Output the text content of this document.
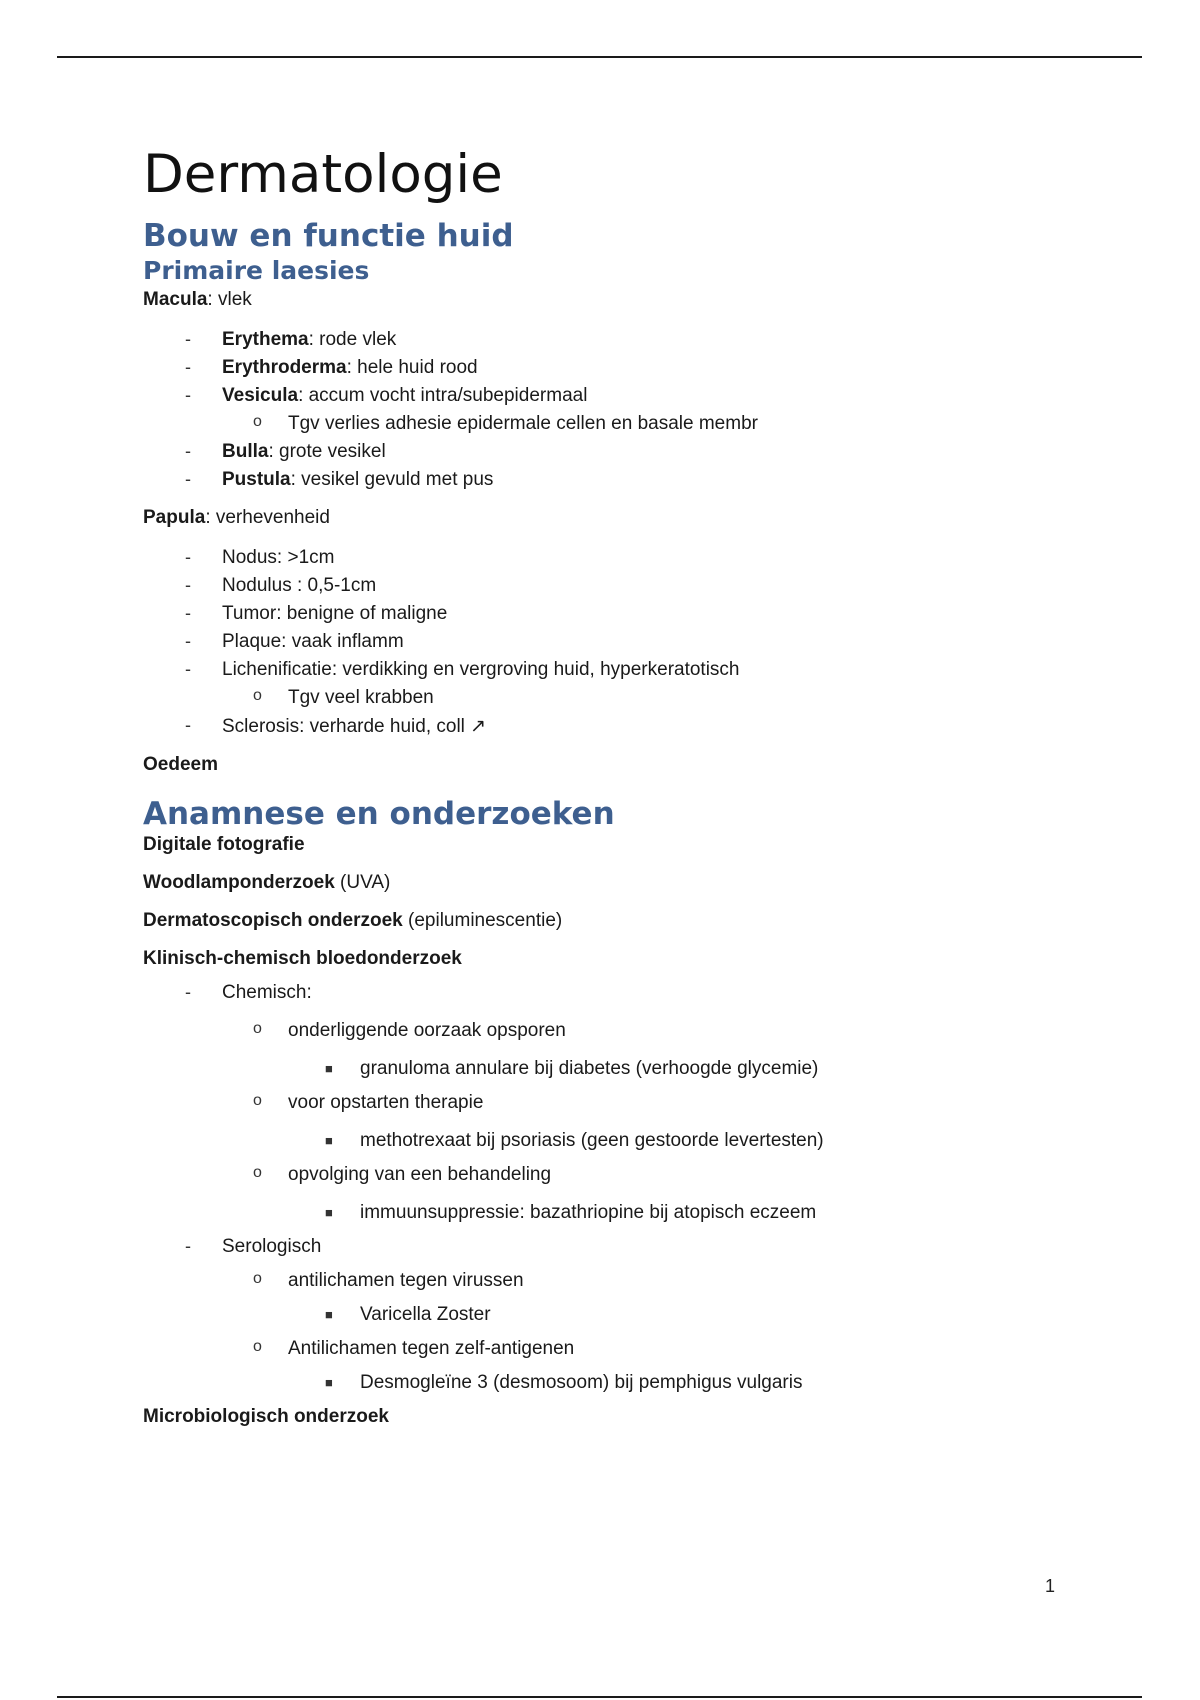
Dermatologie
Bouw en functie huid
Primaire laesies
Macula: vlek
- Erythema: rode vlek
- Erythroderma: hele huid rood
- Vesicula: accum vocht intra/subepidermaal
o Tgv verlies adhesie epidermale cellen en basale membr
- Bulla: grote vesikel
- Pustula: vesikel gevuld met pus
Papula: verhevenheid
- Nodus: >1cm
- Nodulus : 0,5-1cm
- Tumor: benigne of maligne
- Plaque: vaak inflamm
- Lichenificatie: verdikking en vergroving huid, hyperkeratotisch
o Tgv veel krabben
- Sclerosis: verharde huid, coll ↗
Oedeem
Anamnese en onderzoeken
Digitale fotografie
Woodlamponderzoek (UVA)
Dermatoscopisch onderzoek (epiluminescentie)
Klinisch-chemisch bloedonderzoek
- Chemisch:
o onderliggende oorzaak opsporen
■ granuloma annulare bij diabetes (verhoogde glycemie)
o voor opstarten therapie
■ methotrexaat bij psoriasis (geen gestoorde levertesten)
o opvolging van een behandeling
■ immuunsuppressie: bazathriopine bij atopisch eczeem
- Serologisch
o antilichamen tegen virussen
■ Varicella Zoster
o Antilichamen tegen zelf-antigenen
■ Desmogleïne 3 (desmosoom) bij pemphigus vulgaris
Microbiologisch onderzoek
1
